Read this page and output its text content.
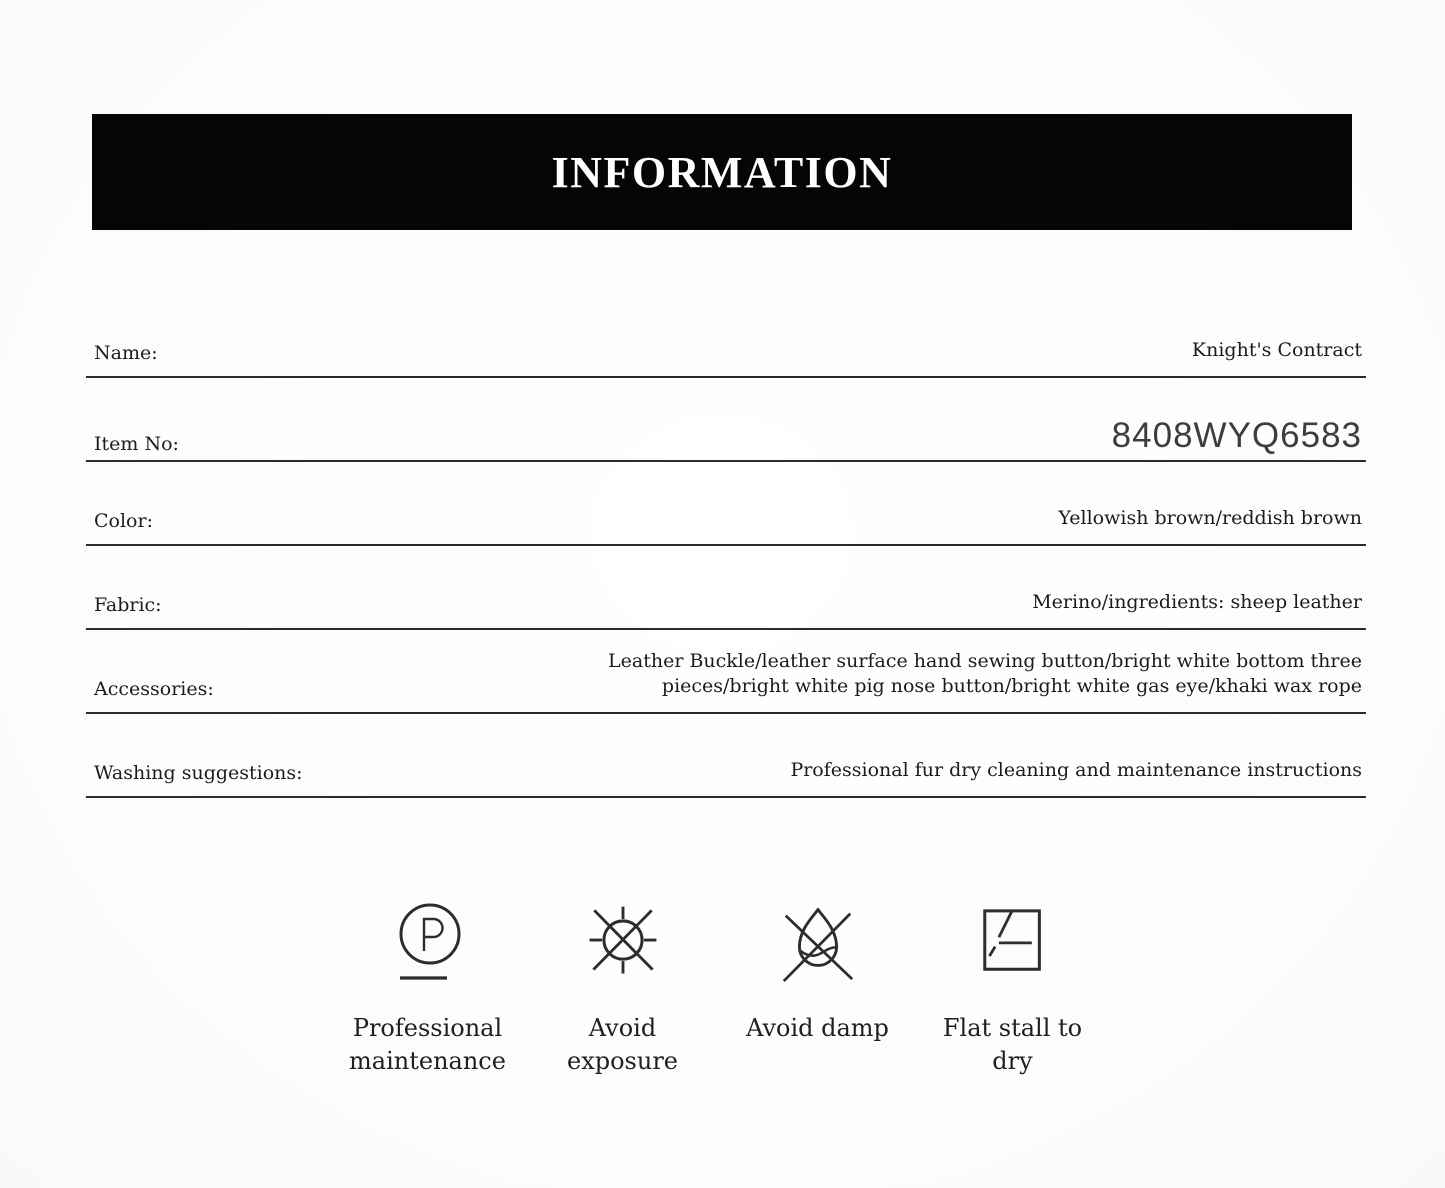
INFORMATION
Name:	Knight's Contract
Item No:	8408WYQ6583
Color:	Yellowish brown/reddish brown
Fabric:	Merino/ingredients: sheep leather
Accessories:
Leather Buckle/leather surface hand sewing button/bright white bottom three pieces/bright white pig nose button/bright white gas eye/khaki wax rope
Washing suggestions:	Professional fur dry cleaning and maintenance instructions
Professional maintenance
Avoid exposure
Avoid damp Flat stall to dry
